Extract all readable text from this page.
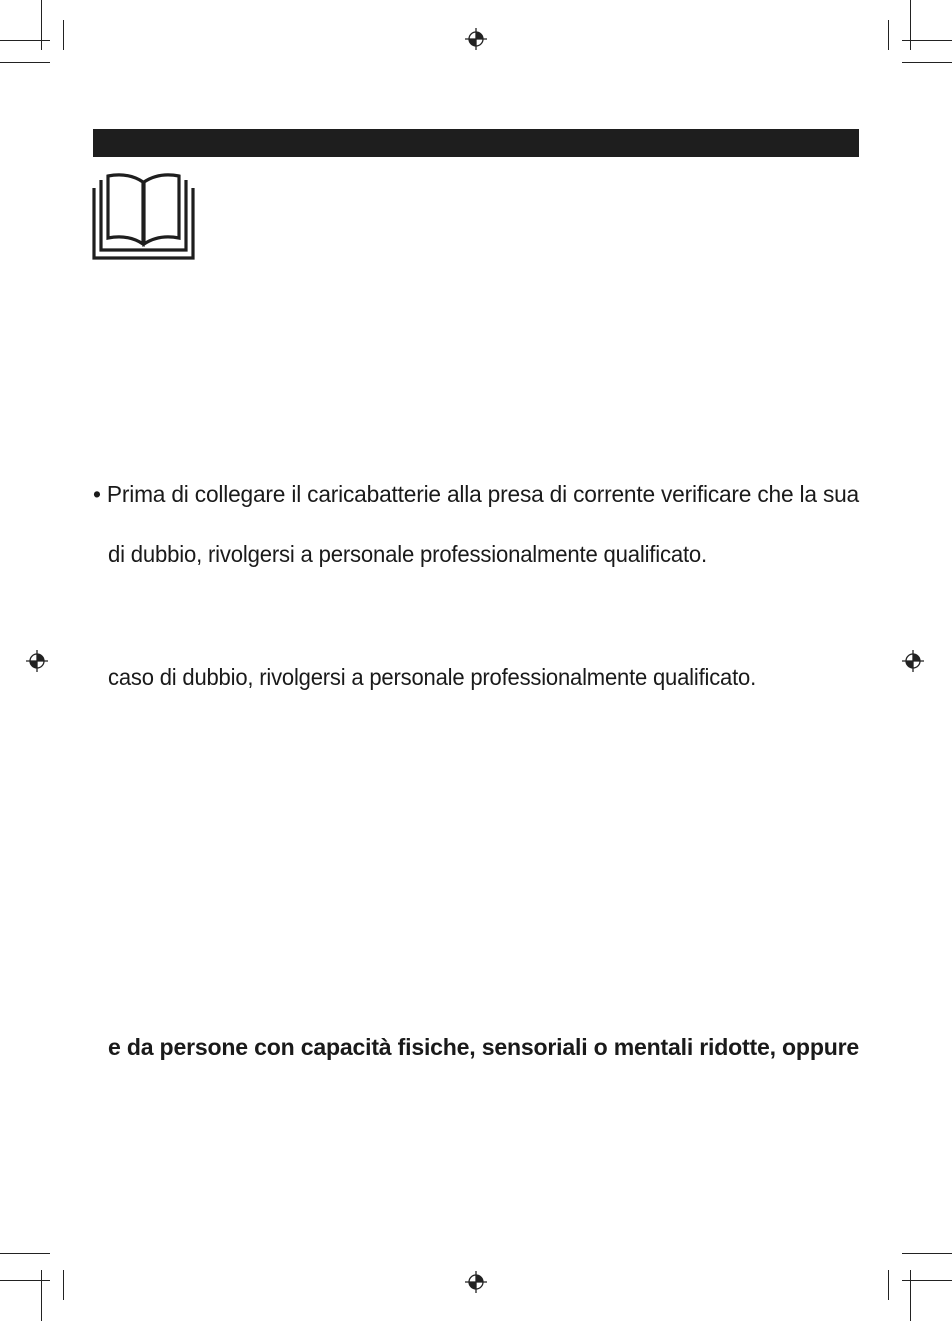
• Prima di collegare il caricabatterie alla presa di corrente verificare che la sua
di dubbio, rivolgersi a personale professionalmente qualificato.
caso di dubbio, rivolgersi a personale professionalmente qualificato.
e da persone con capacità fisiche, sensoriali o mentali ridotte, oppure
